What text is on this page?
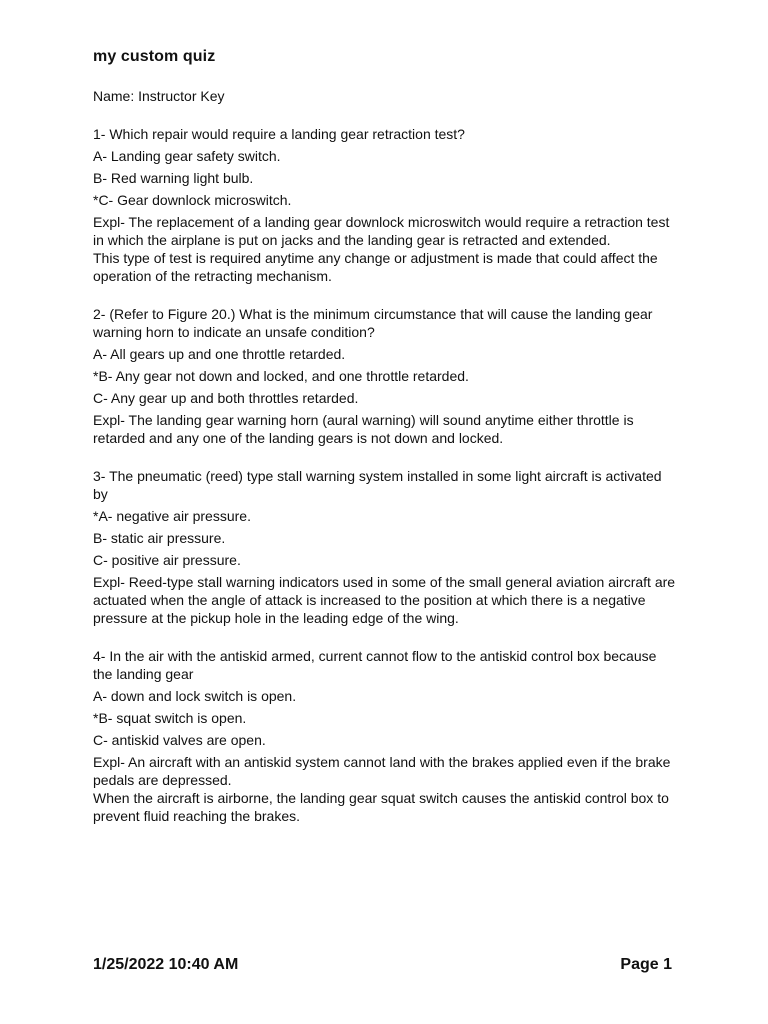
my custom quiz
Name: Instructor Key

1- Which repair would require a landing gear retraction test?

A- Landing gear safety switch.

B- Red warning light bulb.

*C- Gear downlock microswitch.

Expl- The replacement of a landing gear downlock microswitch would require a retraction test in which the airplane is put on jacks and the landing gear is retracted and extended.
This type of test is required anytime any change or adjustment is made that could affect the operation of the retracting mechanism.

2- (Refer to Figure 20.) What is the minimum circumstance that will cause the landing gear warning horn to indicate an unsafe condition?

A- All gears up and one throttle retarded.

*B- Any gear not down and locked, and one throttle retarded.

C- Any gear up and both throttles retarded.

Expl- The landing gear warning horn (aural warning) will sound anytime either throttle is retarded and any one of the landing gears is not down and locked.

3- The pneumatic (reed) type stall warning system installed in some light aircraft is activated by

*A- negative air pressure.

B- static air pressure.

C- positive air pressure.

Expl- Reed-type stall warning indicators used in some of the small general aviation aircraft are actuated when the angle of attack is increased to the position at which there is a negative pressure at the pickup hole in the leading edge of the wing.

4- In the air with the antiskid armed, current cannot flow to the antiskid control box because the landing gear

A- down and lock switch is open.

*B- squat switch is open.

C- antiskid valves are open.

Expl- An aircraft with an antiskid system cannot land with the brakes applied even if the brake pedals are depressed.
When the aircraft is airborne, the landing gear squat switch causes the antiskid control box to prevent fluid reaching the brakes.

1/25/2022 10:40 AM	Page 1
